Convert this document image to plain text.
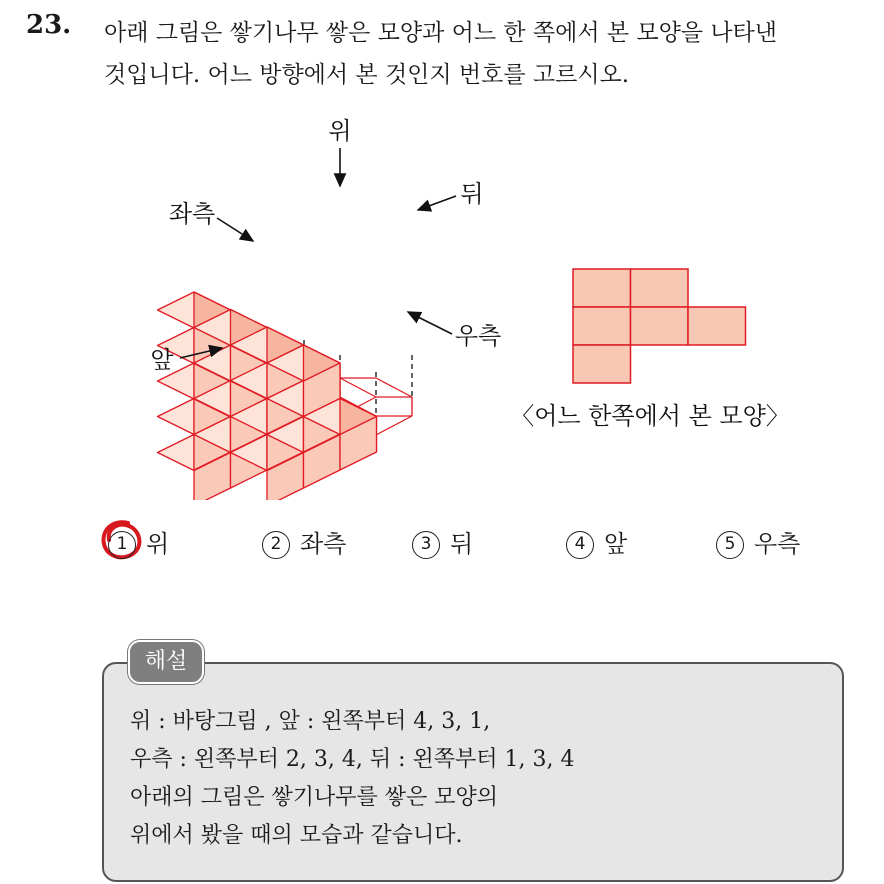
23. 아래 그림은 쌓기나무 쌓은 모양과 어느 한 쪽에서 본 모양을 나타낸
것입니다. 어느 방향에서 본 것인지 번호를 고르시오.
위
좌측
뒤
우측
앞
〈어느 한쪽에서 본 모양〉
1 위	2 좌측	3 뒤	4 앞	5 우측
해설
위 : 바탕그림 , 앞 : 왼쪽부터 4, 3, 1,
우측 : 왼쪽부터 2, 3, 4, 뒤 : 왼쪽부터 1, 3, 4
아래의 그림은 쌓기나무를 쌓은 모양의
위에서 봤을 때의 모습과 같습니다.
